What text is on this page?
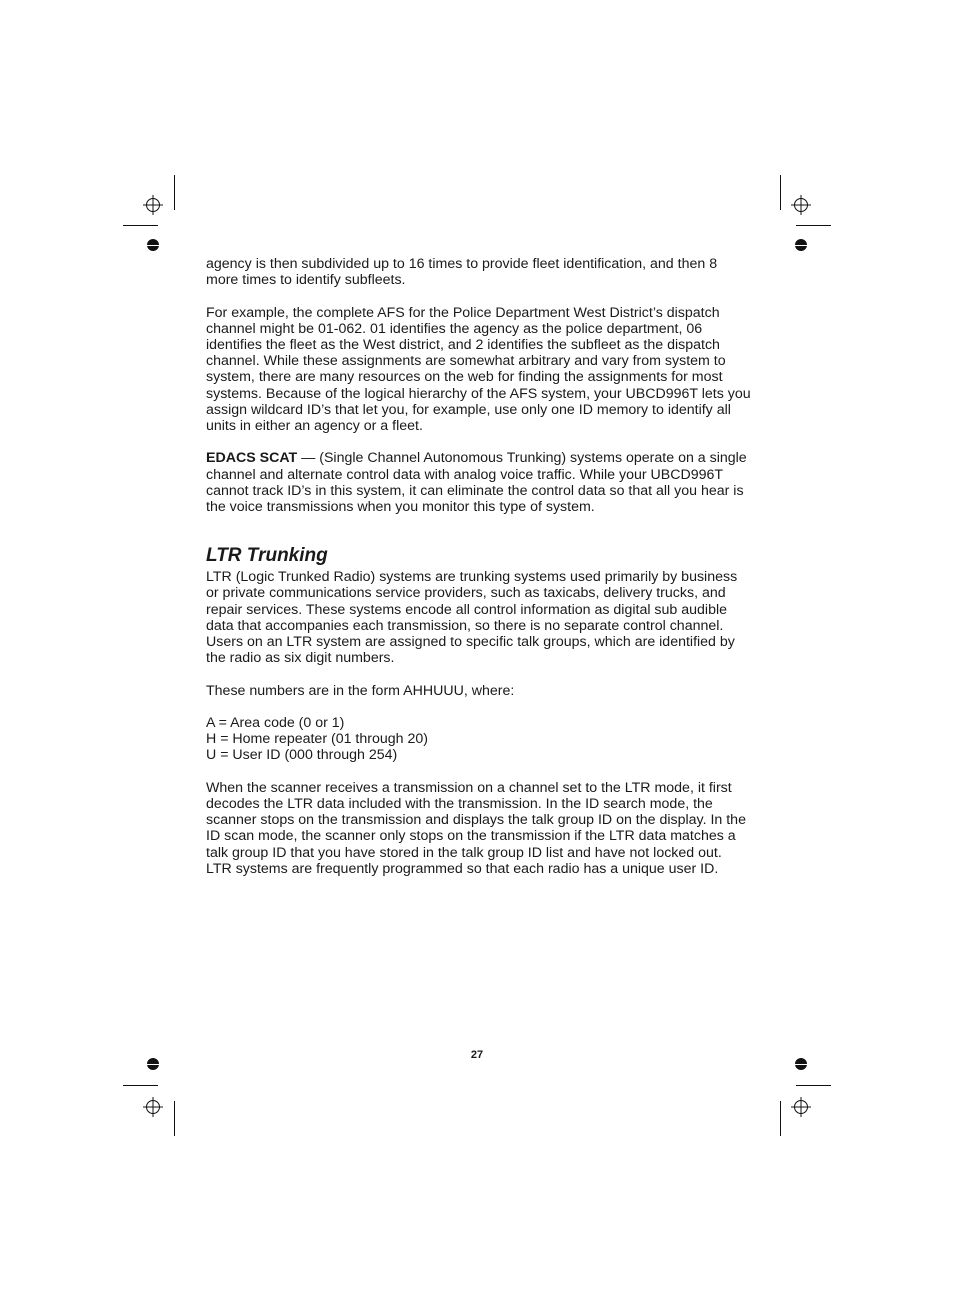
agency is then subdivided up to 16 times to provide fleet identification, and then 8 more times to identify subfleets.

For example, the complete AFS for the Police Department West District’s dispatch channel might be 01-062. 01 identifies the agency as the police department, 06 identifies the fleet as the West district, and 2 identifies the subfleet as the dispatch channel. While these assignments are somewhat arbitrary and vary from system to system, there are many resources on the web for finding the assignments for most systems. Because of the logical hierarchy of the AFS system, your UBCD996T lets you assign wildcard ID’s that let you, for example, use only one ID memory to identify all units in either an agency or a fleet.

EDACS SCAT — (Single Channel Autonomous Trunking) systems operate on a single channel and alternate control data with analog voice traffic. While your UBCD996T cannot track ID’s in this system, it can eliminate the control data so that all you hear is the voice transmissions when you monitor this type of system.

LTR Trunking

LTR (Logic Trunked Radio) systems are trunking systems used primarily by business or private communications service providers, such as taxicabs, delivery trucks, and repair services. These systems encode all control information as digital sub audible data that accompanies each transmission, so there is no separate control channel. Users on an LTR system are assigned to specific talk groups, which are identified by the radio as six digit numbers.

These numbers are in the form AHHUUU, where:

A = Area code (0 or 1)
H = Home repeater (01 through 20)
U = User ID (000 through 254)

When the scanner receives a transmission on a channel set to the LTR mode, it first decodes the LTR data included with the transmission. In the ID search mode, the scanner stops on the transmission and displays the talk group ID on the display. In the ID scan mode, the scanner only stops on the transmission if the LTR data matches a talk group ID that you have stored in the talk group ID list and have not locked out. LTR systems are frequently programmed so that each radio has a unique user ID.

27
